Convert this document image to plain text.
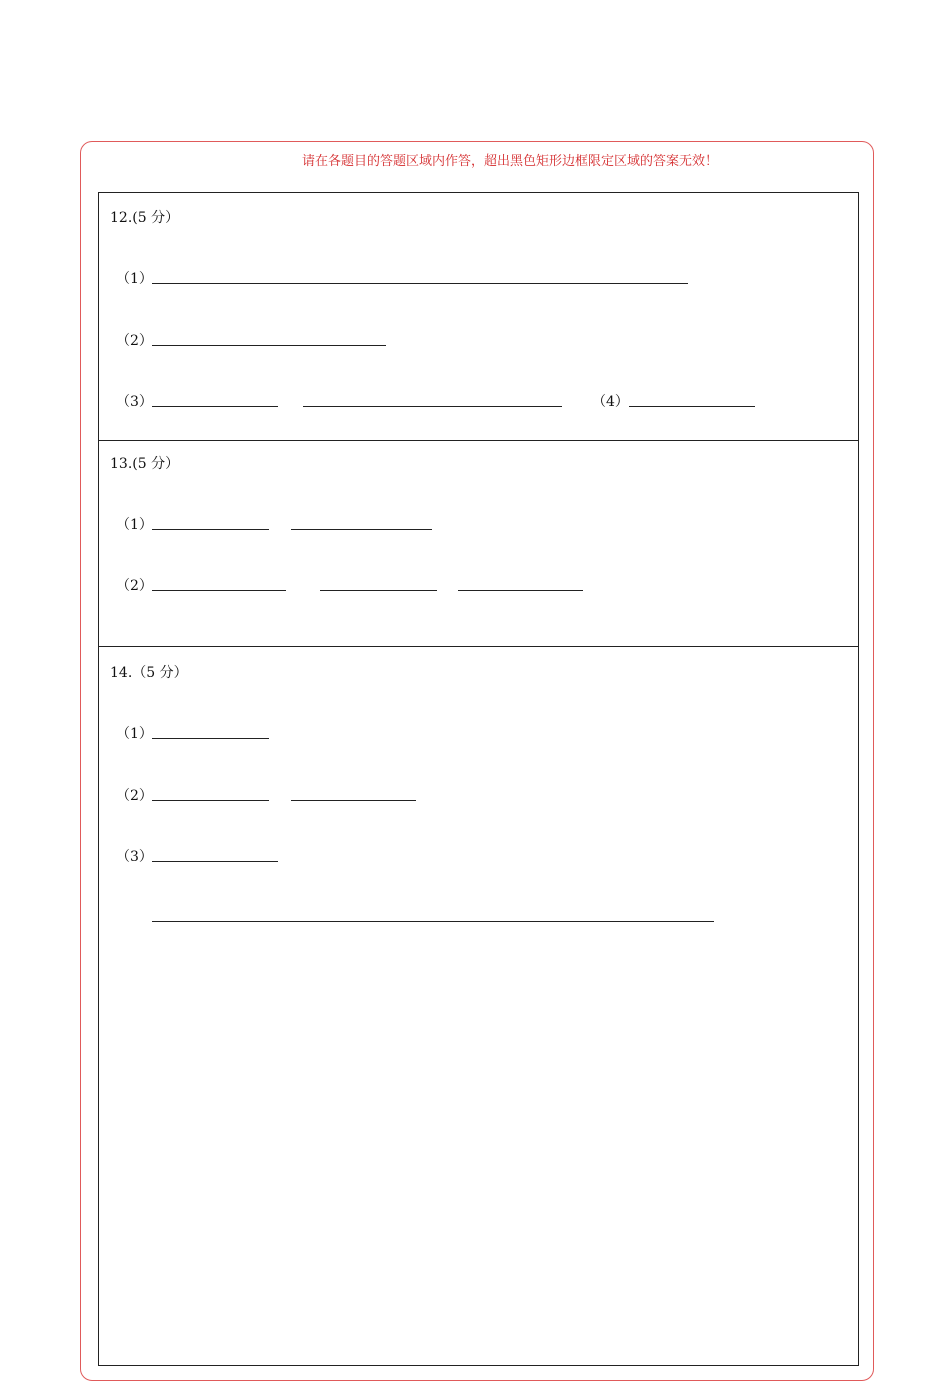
请在各题目的答题区域内作答，超出黑色矩形边框限定区域的答案无效！
12.(5 分）
（1）
（2）
（3）	（4）
13.(5 分）
（1）
（2）
14.（5 分）
（1）
（2）
（3）
